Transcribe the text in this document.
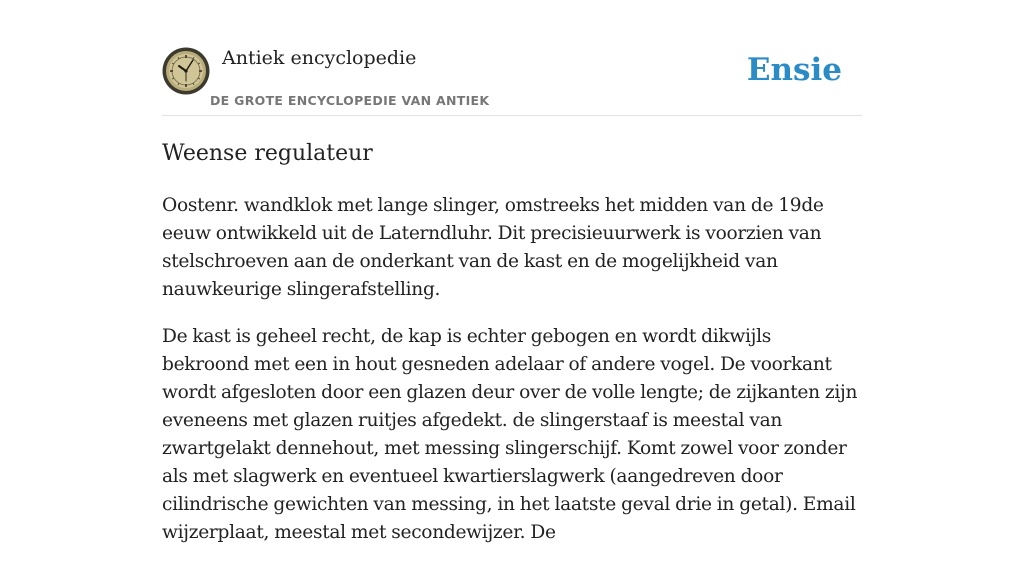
Antiek encyclopedie
DE GROTE ENCYCLOPEDIE VAN ANTIEK
Ensie
Weense regulateur

Oostenr. wandklok met lange slinger, omstreeks het midden van de 19de eeuw ontwikkeld uit de Laterndluhr. Dit precisieuurwerk is voorzien van stelschroeven aan de onderkant van de kast en de mogelijkheid van nauwkeurige slingerafstelling.

De kast is geheel recht, de kap is echter gebogen en wordt dikwijls bekroond met een in hout gesneden adelaar of andere vogel. De voorkant wordt afgesloten door een glazen deur over de volle lengte; de zijkanten zijn eveneens met glazen ruitjes afgedekt. de slingerstaaf is meestal van zwartgelakt dennehout, met messing slingerschijf. Komt zowel voor zonder als met slagwerk en eventueel kwartierslagwerk (aangedreven door cilindrische gewichten van messing, in het laatste geval drie in getal). Email wijzerplaat, meestal met secondewijzer. De
